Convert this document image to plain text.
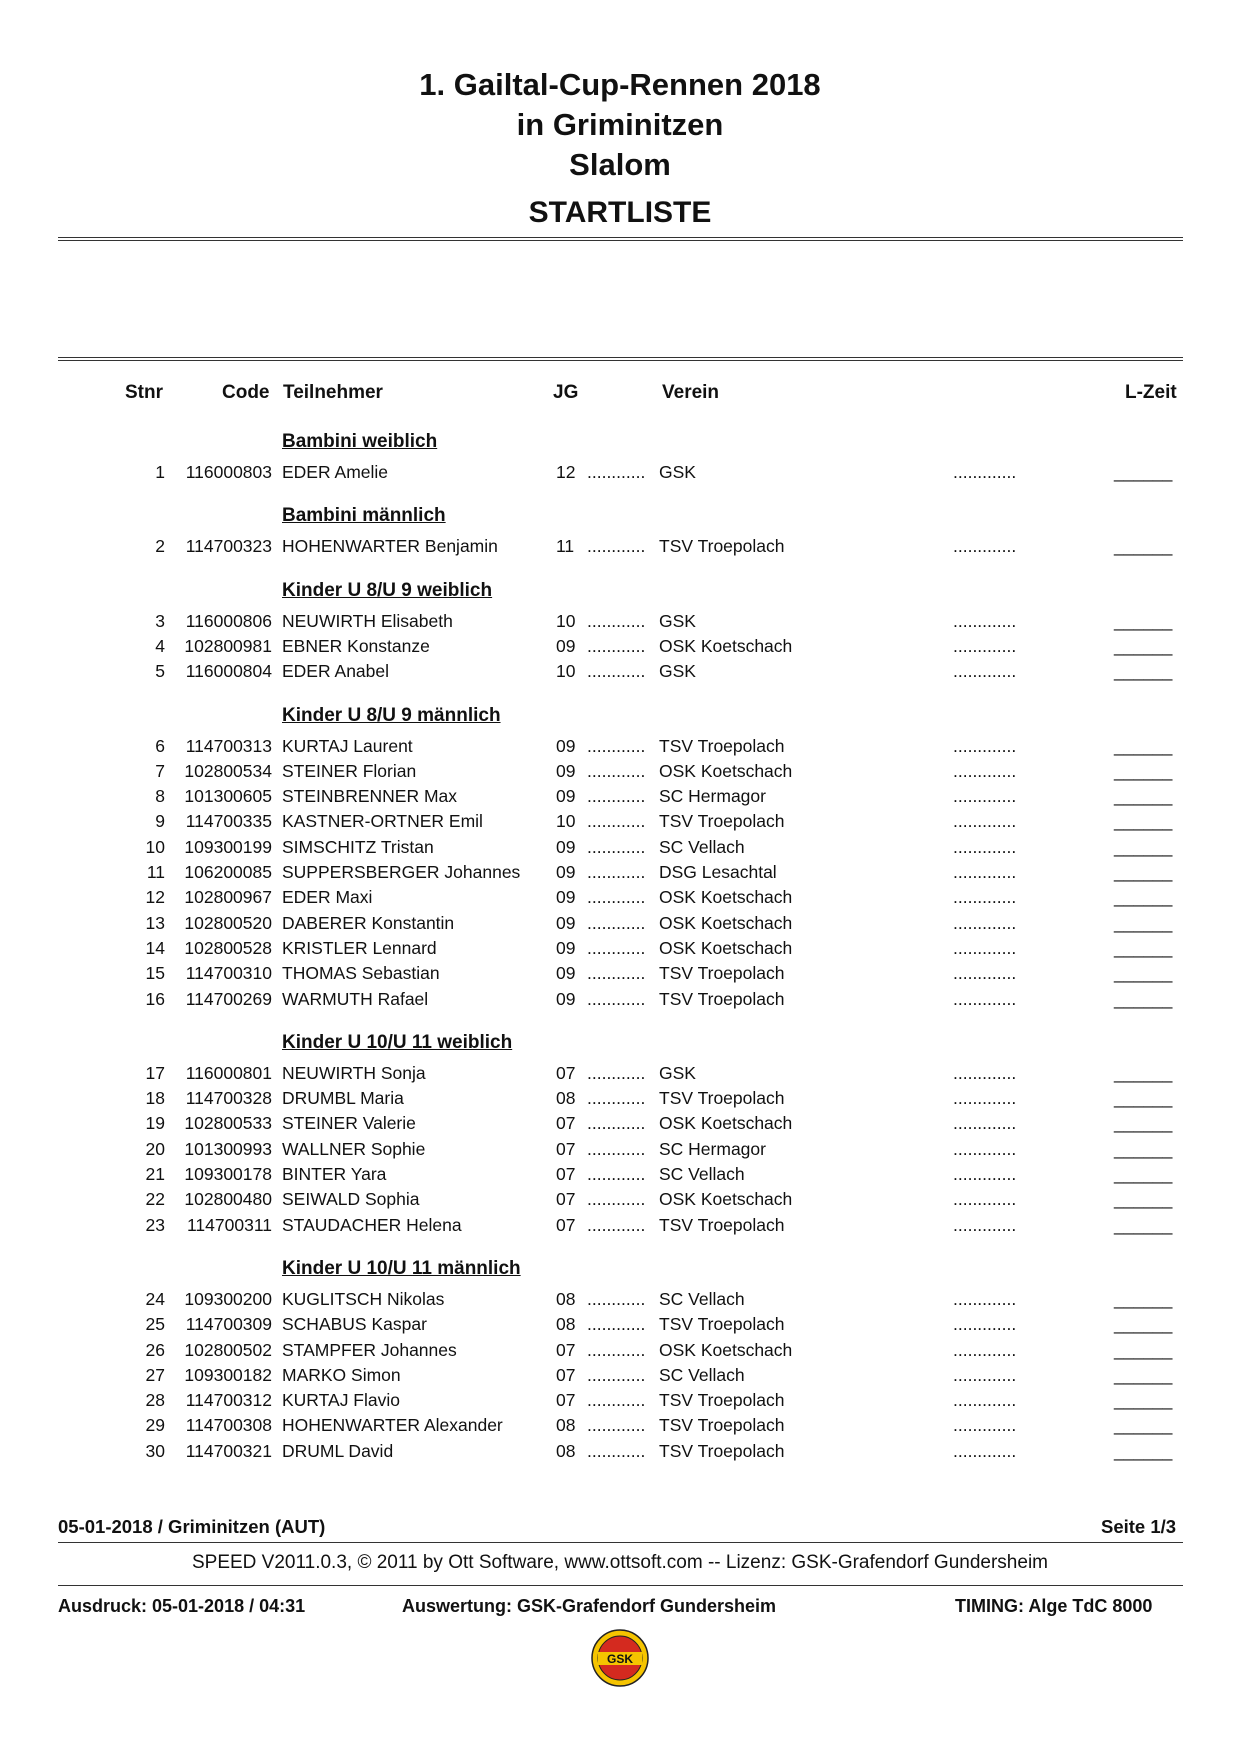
1. Gailtal-Cup-Rennen 2018
in Griminitzen
Slalom
STARTLISTE
Stnr	Code Teilnehmer	JG	Verein	L-Zeit
Bambini weiblich
1	116000803 EDER Amelie	12 ............ GSK	.............	______
Bambini männlich
2	114700323 HOHENWARTER Benjamin	11 ............ TSV Troepolach	.............	______
Kinder U 8/U 9 weiblich
3	116000806 NEUWIRTH Elisabeth	10 ............ GSK	.............	______
4	102800981 EBNER Konstanze	09 ............ OSK Koetschach	.............	______
5	116000804 EDER Anabel	10 ............ GSK	.............	______
Kinder U 8/U 9 männlich
6	114700313 KURTAJ Laurent	09 ............ TSV Troepolach	.............	______
7	102800534 STEINER Florian	09 ............ OSK Koetschach	.............	______
8	101300605 STEINBRENNER Max	09 ............ SC Hermagor	.............	______
9	114700335 KASTNER-ORTNER Emil	10 ............ TSV Troepolach	.............	______
10	109300199 SIMSCHITZ Tristan	09 ............ SC Vellach	.............	______
11	106200085 SUPPERSBERGER Johannes 09 ............ DSG Lesachtal	.............	______
12	102800967 EDER Maxi	09 ............ OSK Koetschach	.............	______
13	102800520 DABERER Konstantin	09 ............ OSK Koetschach	.............	______
14	102800528 KRISTLER Lennard	09 ............ OSK Koetschach	.............	______
15	114700310 THOMAS Sebastian	09 ............ TSV Troepolach	.............	______
16	114700269 WARMUTH Rafael	09 ............ TSV Troepolach	.............	______
Kinder U 10/U 11 weiblich
17	116000801 NEUWIRTH Sonja	07 ............ GSK	.............	______
18	114700328 DRUMBL Maria	08 ............ TSV Troepolach	.............	______
19	102800533 STEINER Valerie	07 ............ OSK Koetschach	.............	______
20	101300993 WALLNER Sophie	07 ............ SC Hermagor	.............	______
21	109300178 BINTER Yara	07 ............ SC Vellach	.............	______
22	102800480 SEIWALD Sophia	07 ............ OSK Koetschach	.............	______
23	114700311 STAUDACHER Helena	07 ............ TSV Troepolach	.............	______
Kinder U 10/U 11 männlich
24	109300200 KUGLITSCH Nikolas	08 ............ SC Vellach	.............	______
25	114700309 SCHABUS Kaspar	08 ............ TSV Troepolach	.............	______
26	102800502 STAMPFER Johannes	07 ............ OSK Koetschach	.............	______
27	109300182 MARKO Simon	07 ............ SC Vellach	.............	______
28	114700312 KURTAJ Flavio	07 ............ TSV Troepolach	.............	______
29	114700308 HOHENWARTER Alexander	08 ............ TSV Troepolach	.............	______
30	114700321 DRUML David	08 ............ TSV Troepolach	.............	______
05-01-2018 / Griminitzen (AUT)	Seite 1/3
SPEED V2011.0.3, © 2011 by Ott Software, www.ottsoft.com -- Lizenz: GSK-Grafendorf Gundersheim
Ausdruck: 05-01-2018 / 04:31	Auswertung: GSK-Grafendorf Gundersheim	TIMING: Alge TdC 8000
GSK
